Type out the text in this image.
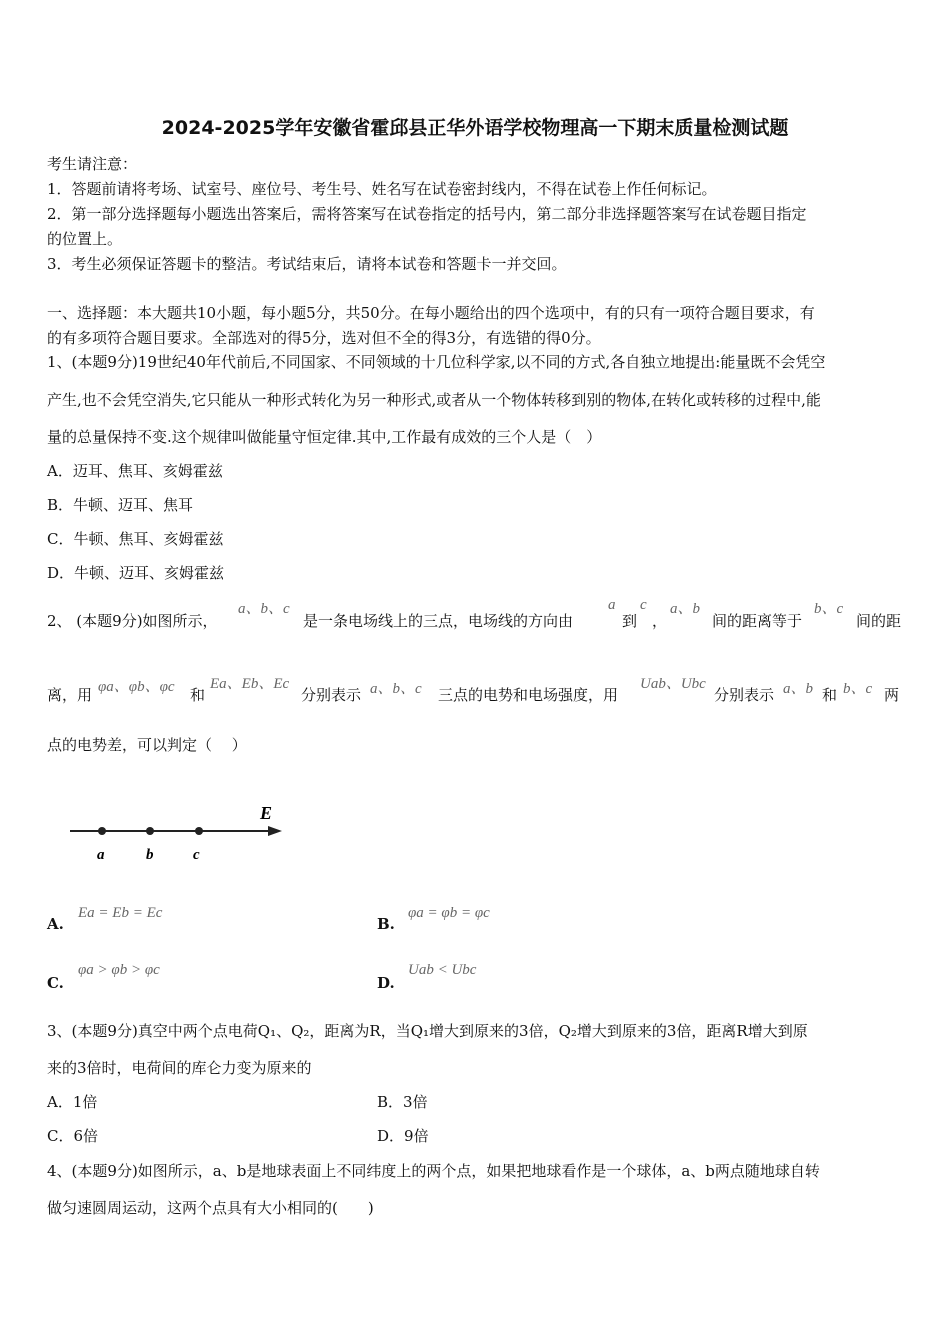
2024-2025学年安徽省霍邱县正华外语学校物理高一下期末质量检测试题
考生请注意：
1．答题前请将考场、试室号、座位号、考生号、姓名写在试卷密封线内，不得在试卷上作任何标记。
2．第一部分选择题每小题选出答案后，需将答案写在试卷指定的括号内，第二部分非选择题答案写在试卷题目指定
的位置上。
3．考生必须保证答题卡的整洁。考试结束后，请将本试卷和答题卡一并交回。
一、选择题：本大题共10小题，每小题5分，共50分。在每小题给出的四个选项中，有的只有一项符合题目要求，有
的有多项符合题目要求。全部选对的得5分，选对但不全的得3分，有选错的得0分。
1、(本题9分)19世纪40年代前后,不同国家、不同领域的十几位科学家,以不同的方式,各自独立地提出:能量既不会凭空
产生,也不会凭空消失,它只能从一种形式转化为另一种形式,或者从一个物体转移到别的物体,在转化或转移的过程中,能
量的总量保持不变.这个规律叫做能量守恒定律.其中,工作最有成效的三个人是（　）
A．迈耳、焦耳、亥姆霍兹
B．牛顿、迈耳、焦耳
C．牛顿、焦耳、亥姆霍兹
D．牛顿、迈耳、亥姆霍兹
2、 (本题9分)如图所示，
a、b、c
是一条电场线上的三点，电场线的方向由
a
到
c
，
a、b
间的距离等于
b、c
间的距
离，用 φa、φb、φc 和
Ea、Eb、Ec
分别表示 a、b、c 三点的电势和电场强度，用
Uab、Ubc
分别表示 a、b 和 b、c 两
点的电势差，可以判定（　 ）
E
a	b	c
A.
Ea = Eb = Ec
B.
φa = φb = φc
C.
φa > φb > φc
D.
Uab < Ubc
3、(本题9分)真空中两个点电荷Q₁、Q₂，距离为R，当Q₁增大到原来的3倍，Q₂增大到原来的3倍，距离R增大到原
来的3倍时，电荷间的库仑力变为原来的
A．1倍	B．3倍
C．6倍	D．9倍
4、(本题9分)如图所示，a、b是地球表面上不同纬度上的两个点，如果把地球看作是一个球体，a、b两点随地球自转
做匀速圆周运动，这两个点具有大小相同的(　　)
